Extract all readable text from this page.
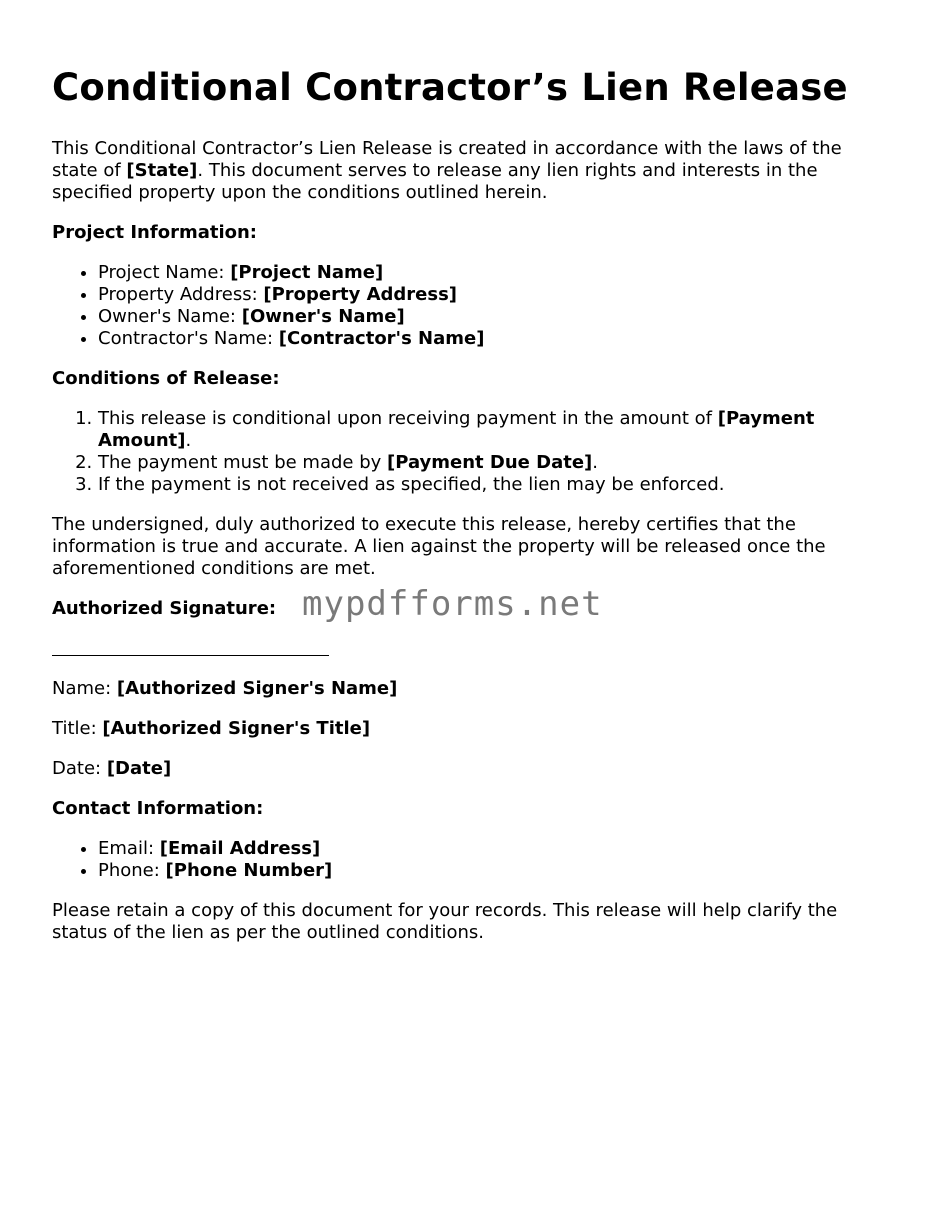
Conditional Contractor’s Lien Release

This Conditional Contractor’s Lien Release is created in accordance with the laws of the state of [State]. This document serves to release any lien rights and interests in the specified property upon the conditions outlined herein.

Project Information:
• Project Name: [Project Name]
• Property Address: [Property Address]
• Owner's Name: [Owner's Name]
• Contractor's Name: [Contractor's Name]
Conditions of Release:
1. This release is conditional upon receiving payment in the amount of [Payment Amount].
2. The payment must be made by [Payment Due Date].
3. If the payment is not received as specified, the lien may be enforced.

The undersigned, duly authorized to execute this release, hereby certifies that the information is true and accurate. A lien against the property will be released once the aforementioned conditions are met.

Authorized Signature: mypdfforms.net

Name: [Authorized Signer's Name]

Title: [Authorized Signer's Title]

Date: [Date]

Contact Information:
• Email: [Email Address]
• Phone: [Phone Number]

Please retain a copy of this document for your records. This release will help clarify the status of the lien as per the outlined conditions.
